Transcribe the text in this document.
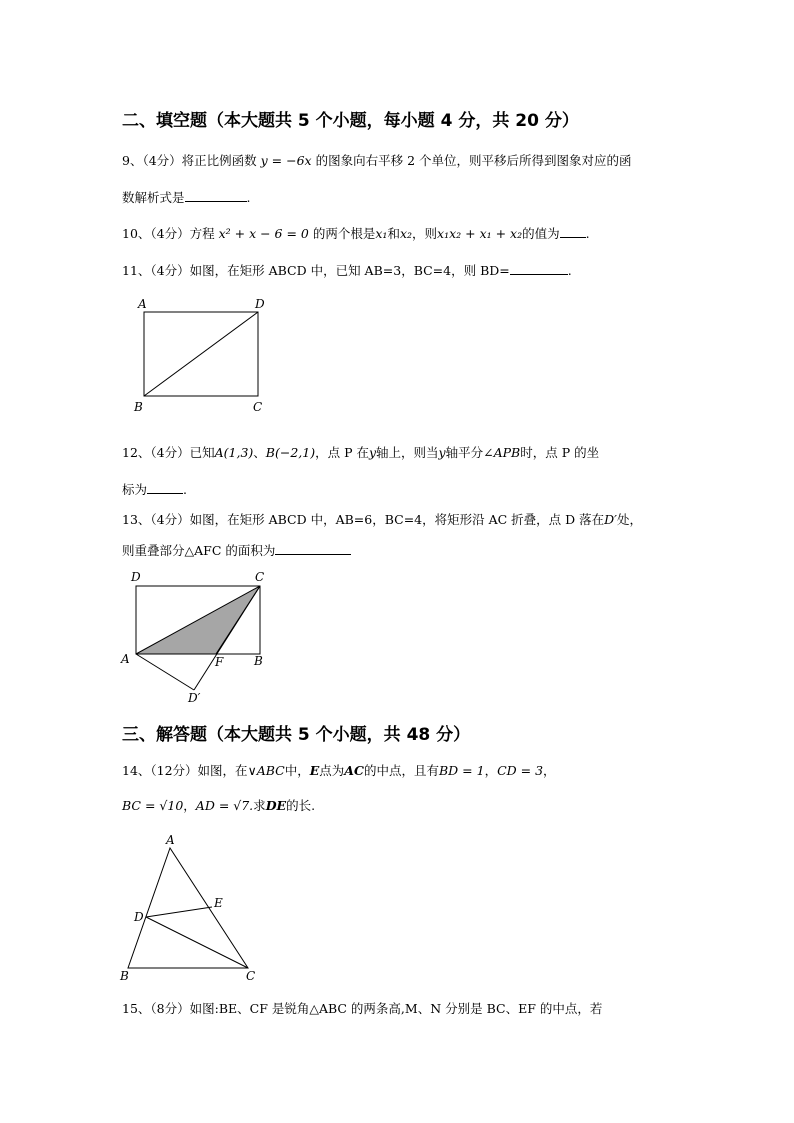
二、填空题（本大题共 5 个小题，每小题 4 分，共 20 分）
9、（4分）将正比例函数 y = −6x 的图象向右平移 2 个单位，则平移后所得到图象对应的函
数解析式是	.
10、（4分）方程 x² + x − 6 = 0 的两个根是x₁和x₂，则x₁x₂ + x₁ + x₂的值为 .
11、（4分）如图，在矩形 ABCD 中，已知 AB=3，BC=4，则 BD=	.
A	D
B	C
12、（4分）已知A(1,3)、B(−2,1)，点 P 在y轴上，则当y轴平分∠APB时，点 P 的坐
标为	.
13、（4分）如图，在矩形 ABCD 中，AB=6，BC=4，将矩形沿 AC 折叠，点 D 落在D′处，
则重叠部分△AFC 的面积为
D	C
A	F	B
D′
三、解答题（本大题共 5 个小题，共 48 分）
14、（12分）如图，在∨ABC中，E点为AC的中点，且有BD = 1，CD = 3，
BC = √10，AD = √7.求DE的长.
A
D
E
B	C
15、（8分）如图:BE、CF 是锐角△ABC 的两条高,M、N 分别是 BC、EF 的中点，若
